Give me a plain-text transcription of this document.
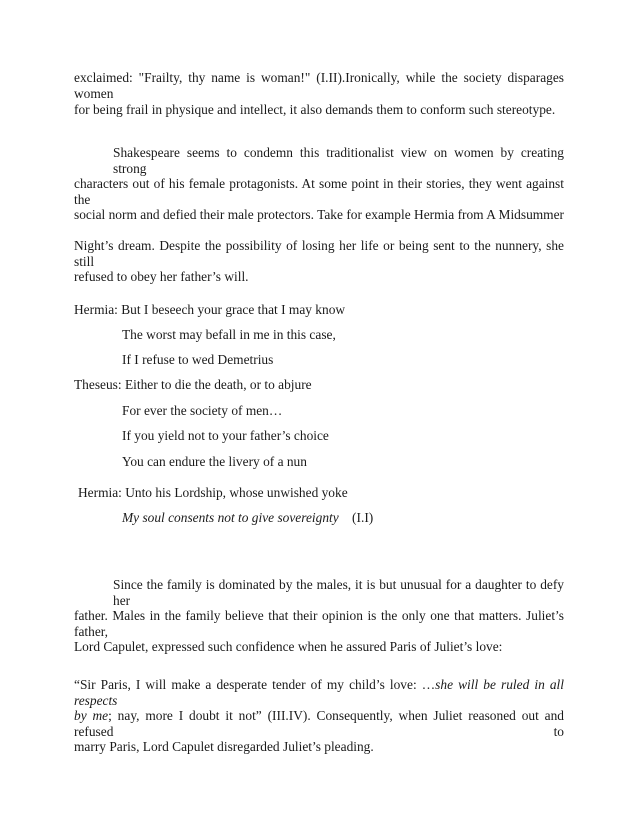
exclaimed: "Frailty, thy name is woman!" (I.II).Ironically, while the society disparages women
for being frail in physique and intellect, it also demands them to conform such stereotype.
Shakespeare seems to condemn this traditionalist view on women by creating strong
characters out of his female protagonists. At some point in their stories, they went against the
social norm and defied their male protectors. Take for example Hermia from A Midsummer
Night’s dream. Despite the possibility of losing her life or being sent to the nunnery, she still
refused to obey her father’s will.
Hermia: But I beseech your grace that I may know
The worst may befall in me in this case,
If I refuse to wed Demetrius
Theseus: Either to die the death, or to abjure
For ever the society of men…
If you yield not to your father’s choice
You can endure the livery of a nun
Hermia: Unto his Lordship, whose unwished yoke
My soul consents not to give sovereignty (I.I)
Since the family is dominated by the males, it is but unusual for a daughter to defy her
father. Males in the family believe that their opinion is the only one that matters. Juliet’s father,
Lord Capulet, expressed such confidence when he assured Paris of Juliet’s love:
“Sir Paris, I will make a desperate tender of my child’s love: …she will be ruled in all respects
by me; nay, more I doubt it not” (III.IV). Consequently, when Juliet reasoned out and refused to
marry Paris, Lord Capulet disregarded Juliet’s pleading.
